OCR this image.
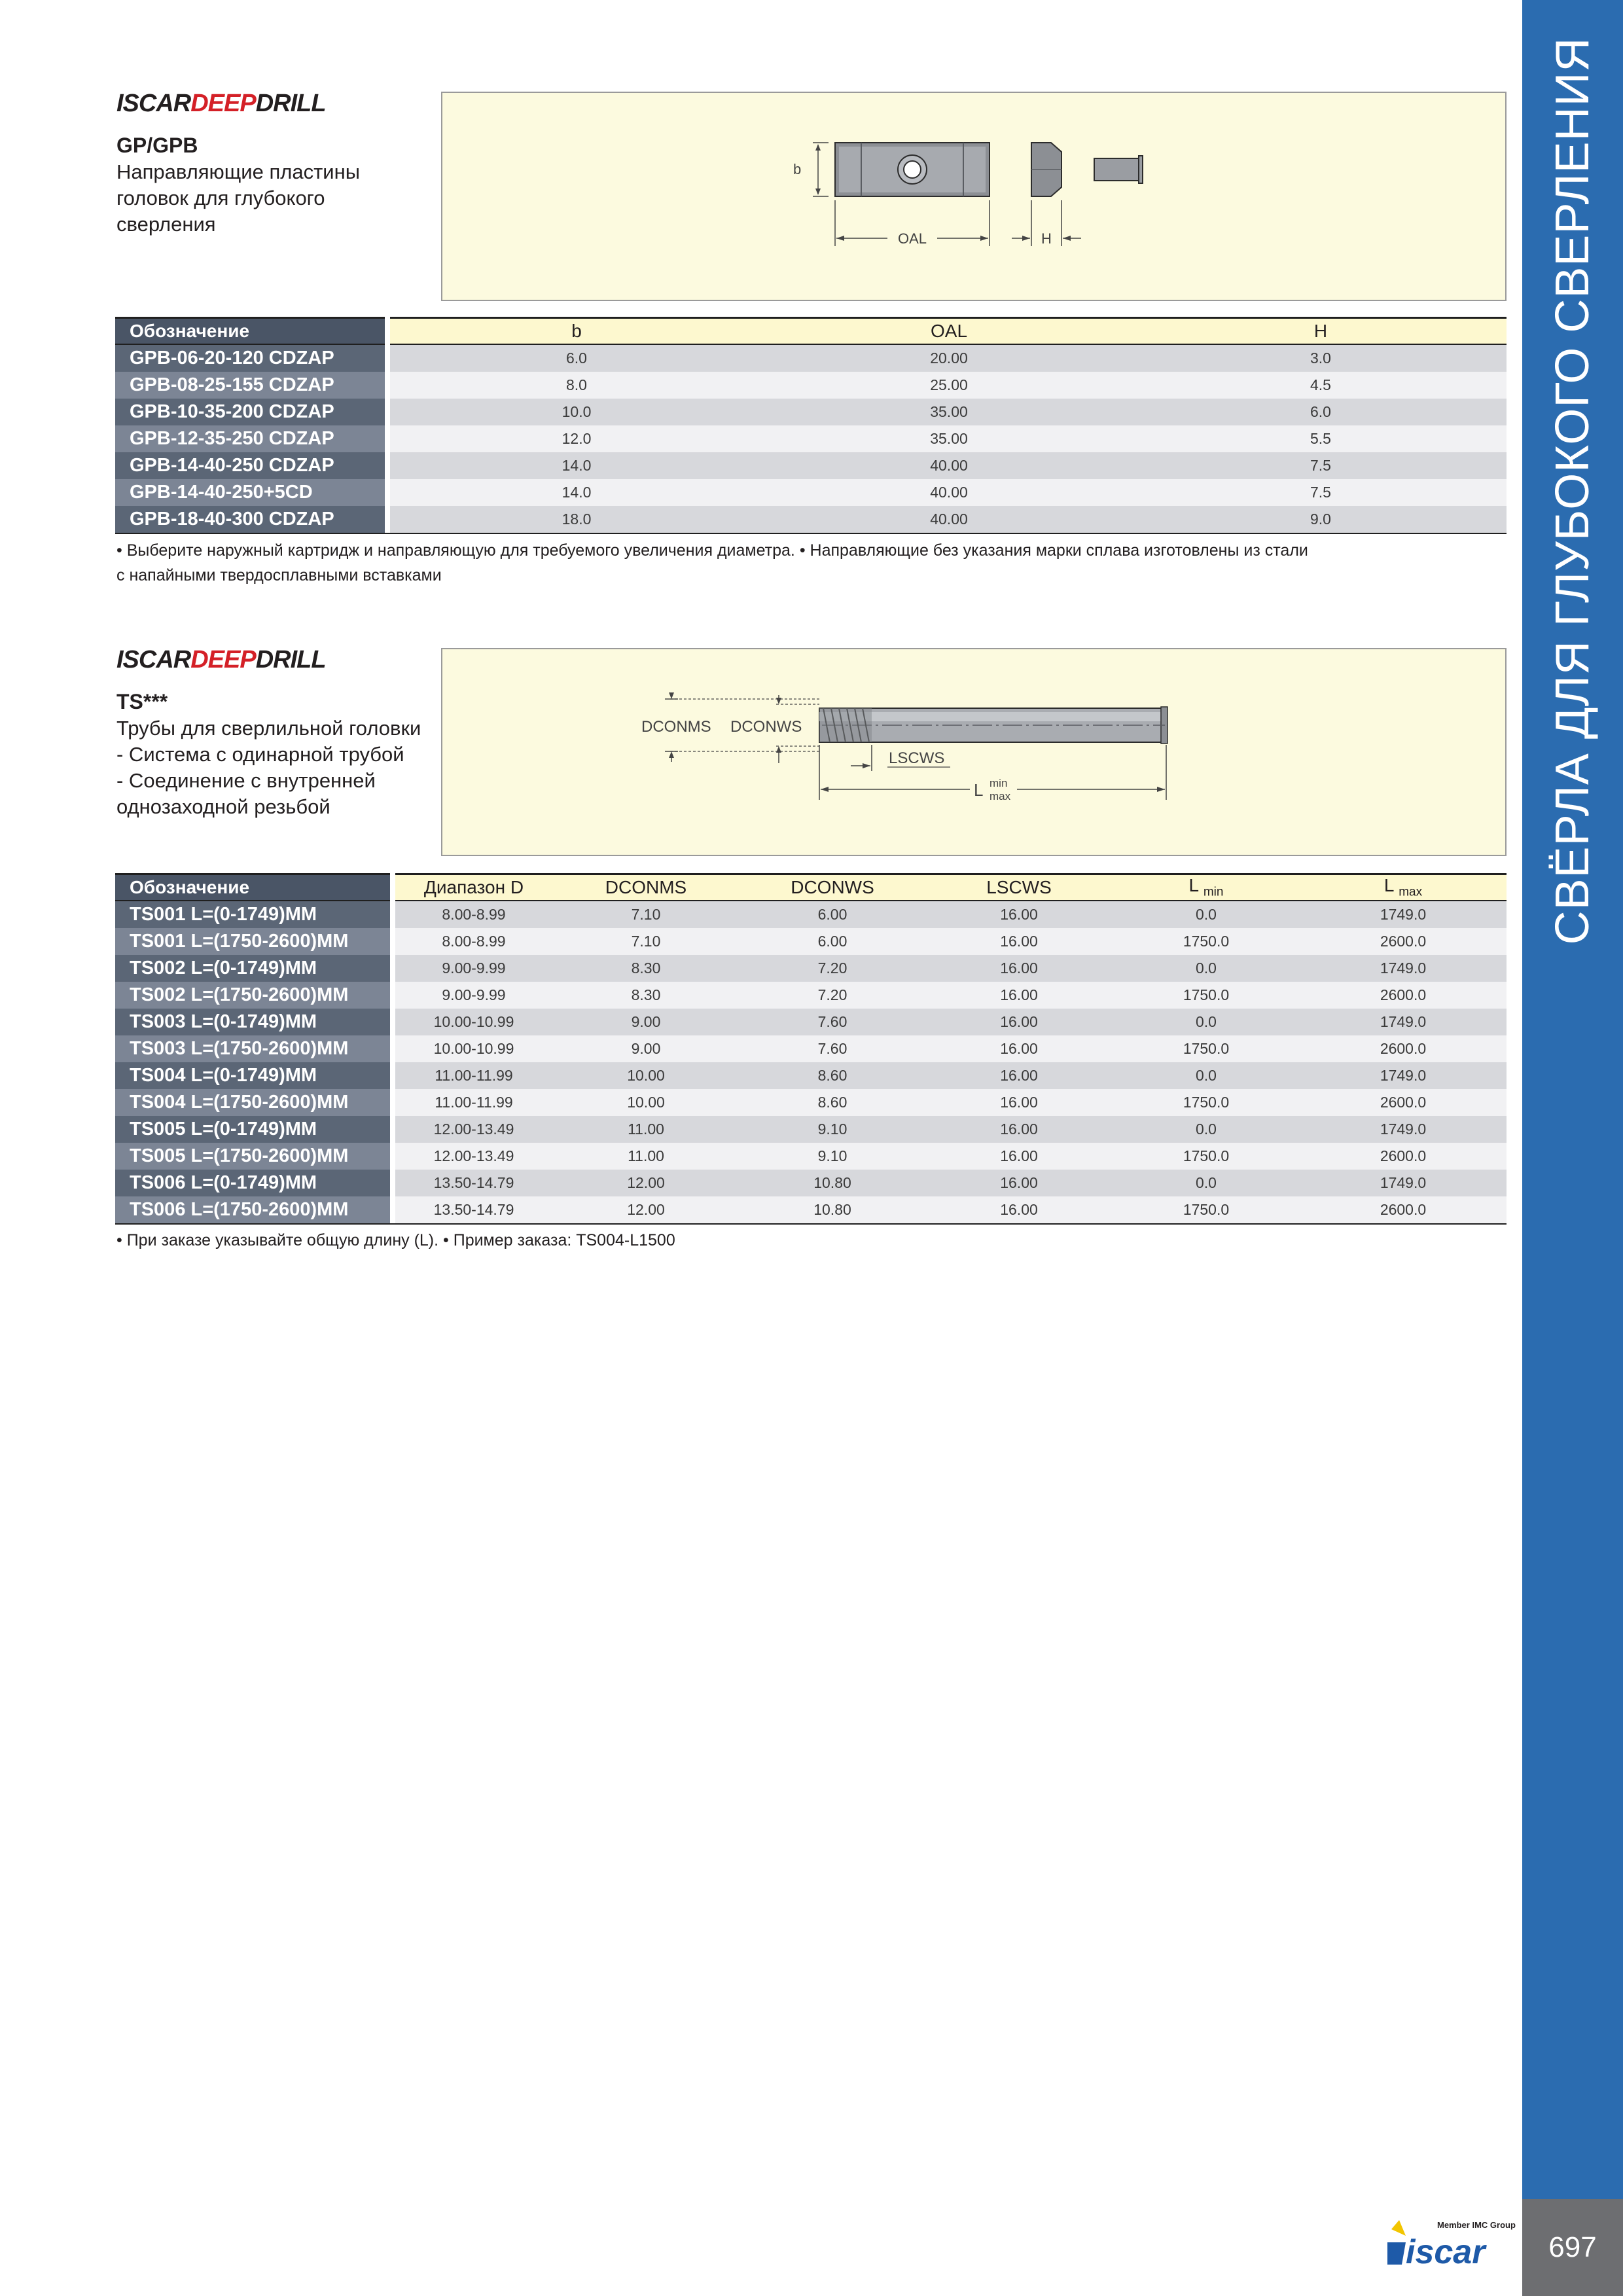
СВЁРЛА ДЛЯ ГЛУБОКОГО СВЕРЛЕНИЯ
697
Member IMC Group
iscar
ISCARDEEPDRILL
GP/GPB
Направляющие пластины
головок для глубокого
сверления
b
OAL	H
Обозначение		b	OAL	H
GPB-06-20-120 CDZAP		6.0	20.00	3.0
GPB-08-25-155 CDZAP		8.0	25.00	4.5
GPB-10-35-200 CDZAP		10.0	35.00	6.0
GPB-12-35-250 CDZAP		12.0	35.00	5.5
GPB-14-40-250 CDZAP		14.0	40.00	7.5
GPB-14-40-250+5CD		14.0	40.00	7.5
GPB-18-40-300 CDZAP		18.0	40.00	9.0
• Выберите наружный картридж и направляющую для требуемого увеличения диаметра. • Направляющие без указания марки сплава изготовлены из стали
с напайными твердосплавными вставками
ISCARDEEPDRILL
TS***
Трубы для сверлильной головки
- Система с одинарной трубой
- Соединение с внутренней
однозаходной резьбой
DCONMS DCONWS
LSCWS
L min
max
Обозначение		Диапазон D	DCONMS	DCONWS	LSCWS	L $_{min}$	L $_{max}$
TS001 L=(0-1749)MM		8.00-8.99	7.10	6.00	16.00	0.0	1749.0
TS001 L=(1750-2600)MM		8.00-8.99	7.10	6.00	16.00	1750.0	2600.0
TS002 L=(0-1749)MM		9.00-9.99	8.30	7.20	16.00	0.0	1749.0
TS002 L=(1750-2600)MM		9.00-9.99	8.30	7.20	16.00	1750.0	2600.0
TS003 L=(0-1749)MM		10.00-10.99	9.00	7.60	16.00	0.0	1749.0
TS003 L=(1750-2600)MM		10.00-10.99	9.00	7.60	16.00	1750.0	2600.0
TS004 L=(0-1749)MM		11.00-11.99	10.00	8.60	16.00	0.0	1749.0
TS004 L=(1750-2600)MM		11.00-11.99	10.00	8.60	16.00	1750.0	2600.0
TS005 L=(0-1749)MM		12.00-13.49	11.00	9.10	16.00	0.0	1749.0
TS005 L=(1750-2600)MM		12.00-13.49	11.00	9.10	16.00	1750.0	2600.0
TS006 L=(0-1749)MM		13.50-14.79	12.00	10.80	16.00	0.0	1749.0
TS006 L=(1750-2600)MM		13.50-14.79	12.00	10.80	16.00	1750.0	2600.0
• При заказе указывайте общую длину (L). • Пример заказа: TS004-L1500
